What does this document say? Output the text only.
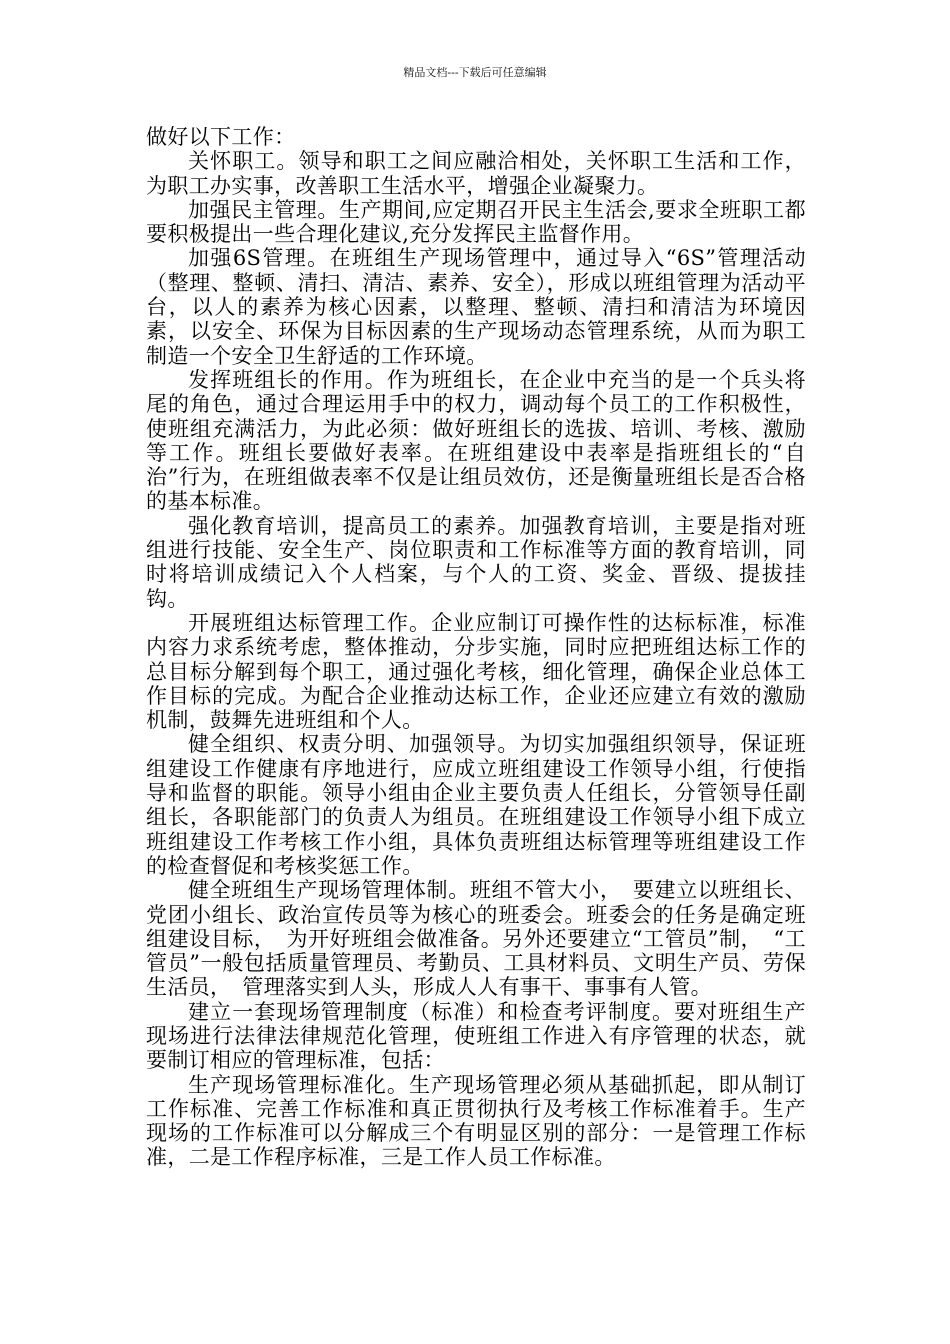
精品文档---下载后可任意编辑

做好以下工作：

关怀职工。领导和职工之间应融洽相处，关怀职工生活和工作，为职工办实事，改善职工生活水平，增强企业凝聚力。

加强民主管理。生产期间,应定期召开民主生活会,要求全班职工都要积极提出一些合理化建议,充分发挥民主监督作用。

加强6S管理。在班组生产现场管理中，通过导入“6S”管理活动（整理、整顿、清扫、清洁、素养、安全），形成以班组管理为活动平台，以人的素养为核心因素，以整理、整顿、清扫和清洁为环境因素，以安全、环保为目标因素的生产现场动态管理系统，从而为职工制造一个安全卫生舒适的工作环境。

发挥班组长的作用。作为班组长，在企业中充当的是一个兵头将尾的角色，通过合理运用手中的权力，调动每个员工的工作积极性，使班组充满活力，为此必须：做好班组长的选拔、培训、考核、激励等工作。班组长要做好表率。在班组建设中表率是指班组长的“自治”行为，在班组做表率不仅是让组员效仿，还是衡量班组长是否合格的基本标准。

强化教育培训，提高员工的素养。加强教育培训，主要是指对班组进行技能、安全生产、岗位职责和工作标准等方面的教育培训，同时将培训成绩记入个人档案，与个人的工资、奖金、晋级、提拔挂钩。

开展班组达标管理工作。企业应制订可操作性的达标标准，标准内容力求系统考虑，整体推动，分步实施，同时应把班组达标工作的总目标分解到每个职工，通过强化考核，细化管理，确保企业总体工作目标的完成。为配合企业推动达标工作，企业还应建立有效的激励机制，鼓舞先进班组和个人。

健全组织、权责分明、加强领导。为切实加强组织领导，保证班组建设工作健康有序地进行，应成立班组建设工作领导小组，行使指导和监督的职能。领导小组由企业主要负责人任组长，分管领导任副组长，各职能部门的负责人为组员。在班组建设工作领导小组下成立班组建设工作考核工作小组，具体负责班组达标管理等班组建设工作的检查督促和考核奖惩工作。

健全班组生产现场管理体制。班组不管大小，　要建立以班组长、党团小组长、政治宣传员等为核心的班委会。班委会的任务是确定班组建设目标，　为开好班组会做准备。另外还要建立“工管员”制，　“工管员”一般包括质量管理员、考勤员、工具材料员、文明生产员、劳保生活员，　管理落实到人头，形成人人有事干、事事有人管。

建立一套现场管理制度（标准）和检查考评制度。要对班组生产现场进行法律法律规范化管理，使班组工作进入有序管理的状态，就要制订相应的管理标准，包括：

生产现场管理标准化。生产现场管理必须从基础抓起，即从制订工作标准、完善工作标准和真正贯彻执行及考核工作标准着手。生产现场的工作标准可以分解成三个有明显区别的部分：一是管理工作标准，二是工作程序标准，三是工作人员工作标准。
